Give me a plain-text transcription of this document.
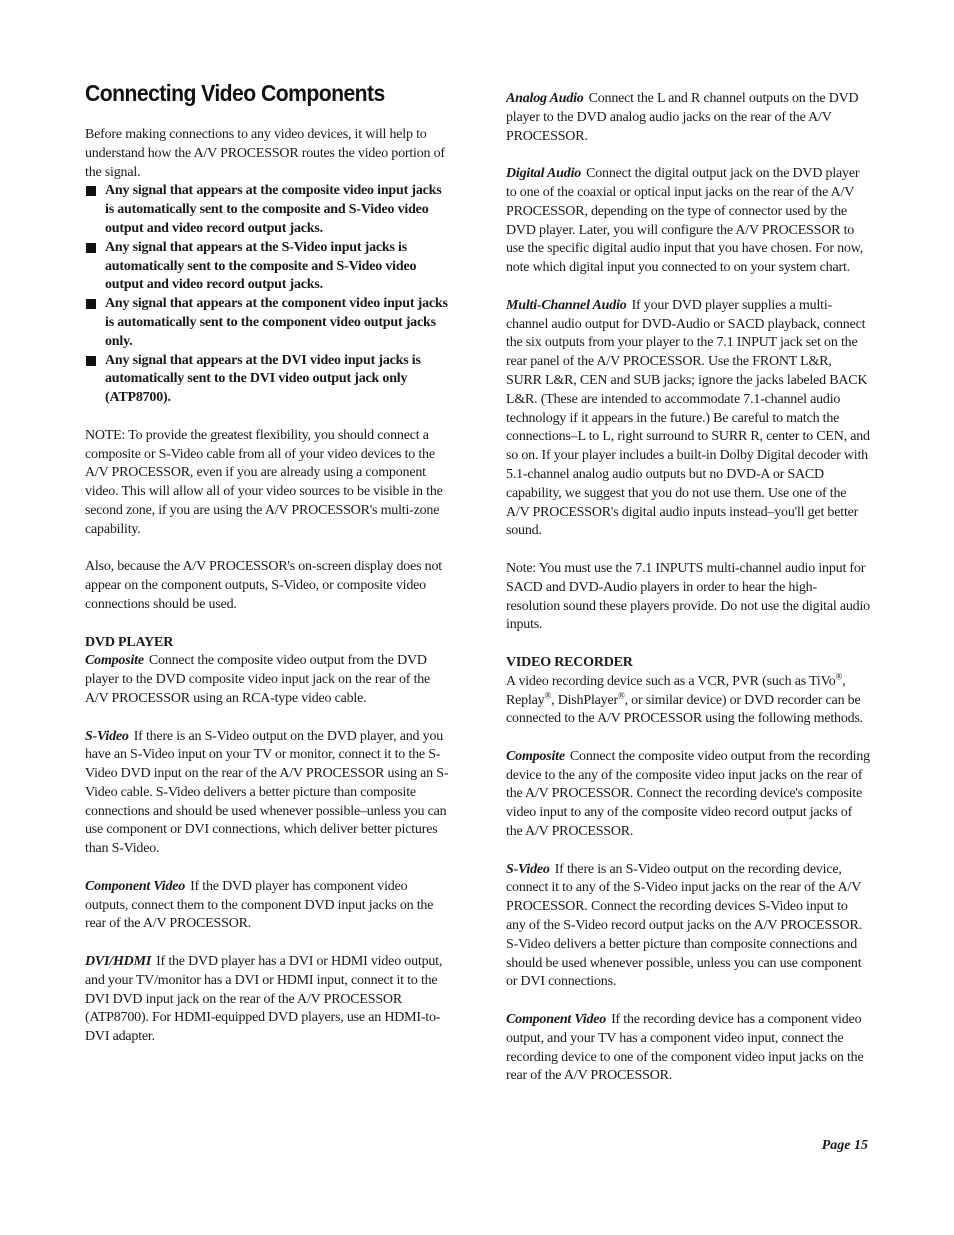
Connecting Video Components

Before making connections to any video devices, it will help to understand how the A/V PROCESSOR routes the video portion of the signal.

Any signal that appears at the composite video input jacks is automatically sent to the composite and S-Video video output and video record output jacks.
Any signal that appears at the S-Video input jacks is automatically sent to the composite and S-Video video output and video record output jacks.
Any signal that appears at the component video input jacks is automatically sent to the component video output jacks only.
Any signal that appears at the DVI video input jacks is automatically sent to the DVI video output jack only (ATP8700).

NOTE: To provide the greatest flexibility, you should connect a composite or S-Video cable from all of your video devices to the A/V PROCESSOR, even if you are already using a component video. This will allow all of your video sources to be visible in the second zone, if you are using the A/V PROCESSOR's multi-zone capability.

Also, because the A/V PROCESSOR's on-screen display does not appear on the component outputs, S-Video, or composite video connections should be used.

DVD PLAYER

Composite Connect the composite video output from the DVD player to the DVD composite video input jack on the rear of the A/V PROCESSOR using an RCA-type video cable.

S-Video If there is an S-Video output on the DVD player, and you have an S-Video input on your TV or monitor, connect it to the S-Video DVD input on the rear of the A/V PROCESSOR using an S-Video cable. S-Video delivers a better picture than composite connections and should be used whenever possible–unless you can use component or DVI connections, which deliver better pictures than S-Video.

Component Video If the DVD player has component video outputs, connect them to the component DVD input jacks on the rear of the A/V PROCESSOR.

DVI/HDMI If the DVD player has a DVI or HDMI video output, and your TV/monitor has a DVI or HDMI input, connect it to the DVI DVD input jack on the rear of the A/V PROCESSOR (ATP8700). For HDMI-equipped DVD players, use an HDMI-to-DVI adapter.

Analog Audio Connect the L and R channel outputs on the DVD player to the DVD analog audio jacks on the rear of the A/V PROCESSOR.

Digital Audio Connect the digital output jack on the DVD player to one of the coaxial or optical input jacks on the rear of the A/V PROCESSOR, depending on the type of connector used by the DVD player. Later, you will configure the A/V PROCESSOR to use the specific digital audio input that you have chosen. For now, note which digital input you connected to on your system chart.

Multi-Channel Audio If your DVD player supplies a multi-channel audio output for DVD-Audio or SACD playback, connect the six outputs from your player to the 7.1 INPUT jack set on the rear panel of the A/V PROCESSOR. Use the FRONT L&R, SURR L&R, CEN and SUB jacks; ignore the jacks labeled BACK L&R. (These are intended to accommodate 7.1-channel audio technology if it appears in the future.) Be careful to match the connections–L to L, right surround to SURR R, center to CEN, and so on. If your player includes a built-in Dolby Digital decoder with 5.1-channel analog audio outputs but no DVD-A or SACD capability, we suggest that you do not use them. Use one of the A/V PROCESSOR's digital audio inputs instead–you'll get better sound.

Note: You must use the 7.1 INPUTS multi-channel audio input for SACD and DVD-Audio players in order to hear the high-resolution sound these players provide. Do not use the digital audio inputs.

VIDEO RECORDER

A video recording device such as a VCR, PVR (such as TiVo®, Replay®, DishPlayer®, or similar device) or DVD recorder can be connected to the A/V PROCESSOR using the following methods.

Composite Connect the composite video output from the recording device to the any of the composite video input jacks on the rear of the A/V PROCESSOR. Connect the recording device's composite video input to any of the composite video record output jacks of the A/V PROCESSOR.

S-Video If there is an S-Video output on the recording device, connect it to any of the S-Video input jacks on the rear of the A/V PROCESSOR. Connect the recording devices S-Video input to any of the S-Video record output jacks on the A/V PROCESSOR. S-Video delivers a better picture than composite connections and should be used whenever possible, unless you can use component or DVI connections.

Component Video If the recording device has a component video output, and your TV has a component video input, connect the recording device to one of the component video input jacks on the rear of the A/V PROCESSOR.

Page 15
